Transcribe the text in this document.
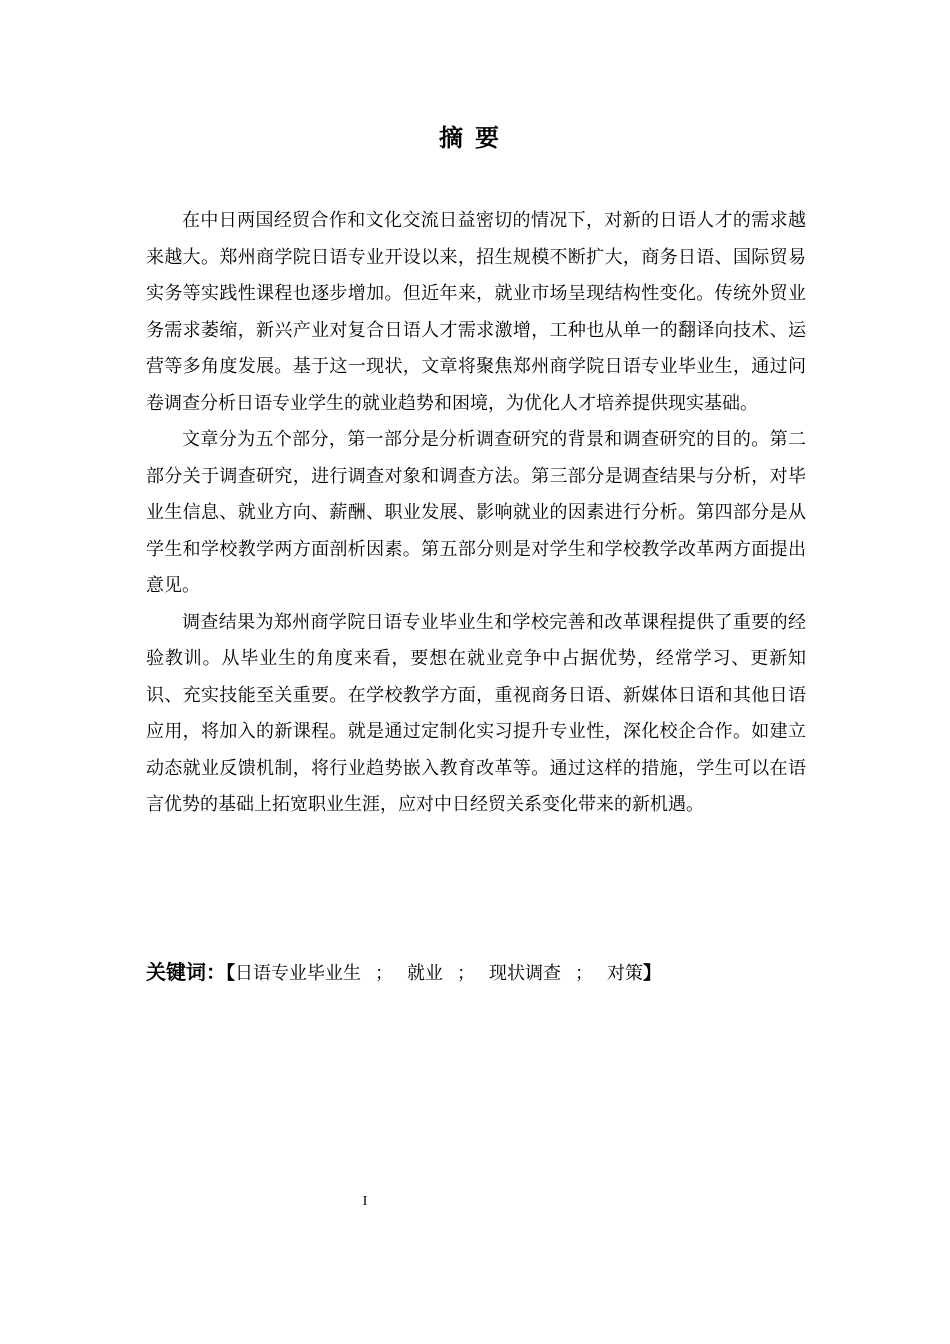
摘要

在中日两国经贸合作和文化交流日益密切的情况下，对新的日语人才的需求越来越大。郑州商学院日语专业开设以来，招生规模不断扩大，商务日语、国际贸易实务等实践性课程也逐步增加。但近年来，就业市场呈现结构性变化。传统外贸业务需求萎缩，新兴产业对复合日语人才需求激增，工种也从单一的翻译向技术、运营等多角度发展。基于这一现状，文章将聚焦郑州商学院日语专业毕业生，通过问卷调查分析日语专业学生的就业趋势和困境，为优化人才培养提供现实基础。

文章分为五个部分，第一部分是分析调查研究的背景和调查研究的目的。第二部分关于调查研究，进行调查对象和调查方法。第三部分是调查结果与分析，对毕业生信息、就业方向、薪酬、职业发展、影响就业的因素进行分析。第四部分是从学生和学校教学两方面剖析因素。第五部分则是对学生和学校教学改革两方面提出意见。

调查结果为郑州商学院日语专业毕业生和学校完善和改革课程提供了重要的经验教训。从毕业生的角度来看，要想在就业竞争中占据优势，经常学习、更新知识、充实技能至关重要。在学校教学方面，重视商务日语、新媒体日语和其他日语应用，将加入的新课程。就是通过定制化实习提升专业性，深化校企合作。如建立动态就业反馈机制，将行业趋势嵌入教育改革等。通过这样的措施，学生可以在语言优势的基础上拓宽职业生涯，应对中日经贸关系变化带来的新机遇。

关键词：【日语专业毕业生 ； 就业 ； 现状调查 ； 对策】
I
